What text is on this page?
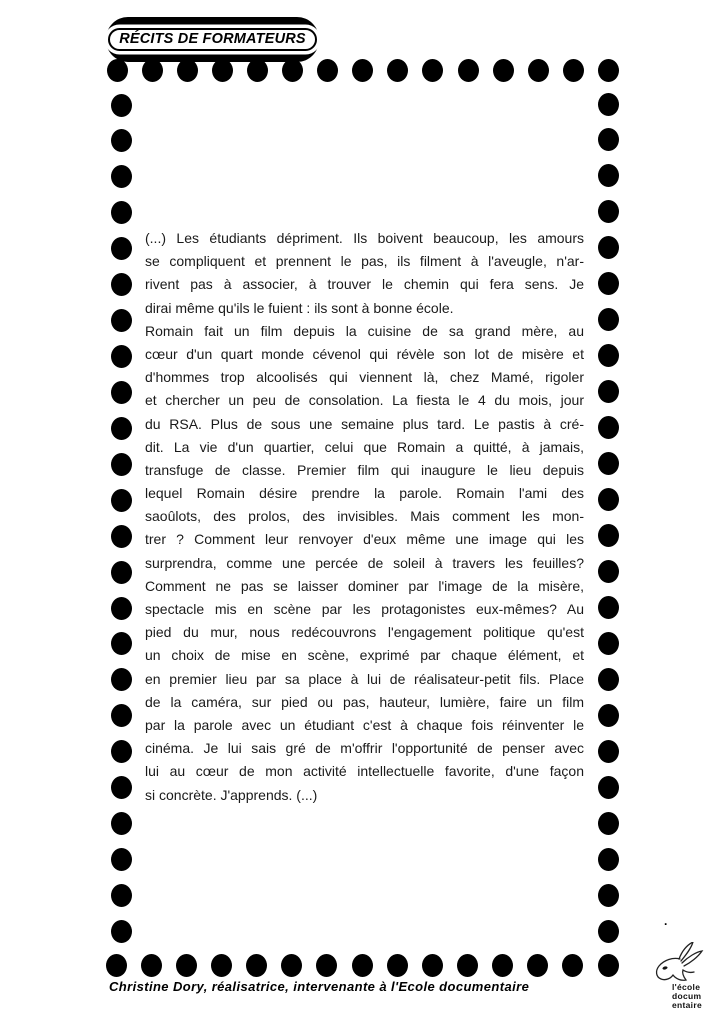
RÉCITS DE FORMATEURS
(...) Les étudiants dépriment. Ils boivent beaucoup, les amours
se compliquent et prennent le pas, ils filment à l'aveugle, n'ar-
rivent pas à associer, à trouver le chemin qui fera sens. Je
dirai même qu'ils le fuient : ils sont à bonne école.
Romain fait un film depuis la cuisine de sa grand mère, au
cœur d'un quart monde cévenol qui révèle son lot de misère et
d'hommes trop alcoolisés qui viennent là, chez Mamé, rigoler
et chercher un peu de consolation. La fiesta le 4 du mois, jour
du RSA. Plus de sous une semaine plus tard. Le pastis à cré-
dit. La vie d'un quartier, celui que Romain a quitté, à jamais,
transfuge de classe. Premier film qui inaugure le lieu depuis
lequel Romain désire prendre la parole. Romain l'ami des
saoûlots, des prolos, des invisibles. Mais comment les mon-
trer ? Comment leur renvoyer d'eux même une image qui les
surprendra, comme une percée de soleil à travers les feuilles?
Comment ne pas se laisser dominer par l'image de la misère,
spectacle mis en scène par les protagonistes eux-mêmes? Au
pied du mur, nous redécouvrons l'engagement politique qu'est
un choix de mise en scène, exprimé par chaque élément, et
en premier lieu par sa place à lui de réalisateur-petit fils. Place
de la caméra, sur pied ou pas, hauteur, lumière, faire un film
par la parole avec un étudiant c'est à chaque fois réinventer le
cinéma. Je lui sais gré de m'offrir l'opportunité de penser avec
lui au cœur de mon activité intellectuelle favorite, d'une façon
si concrète. J'apprends. (...)
Christine Dory, réalisatrice, intervenante à l'Ecole documentaire
.
l'école
docum
entaire
